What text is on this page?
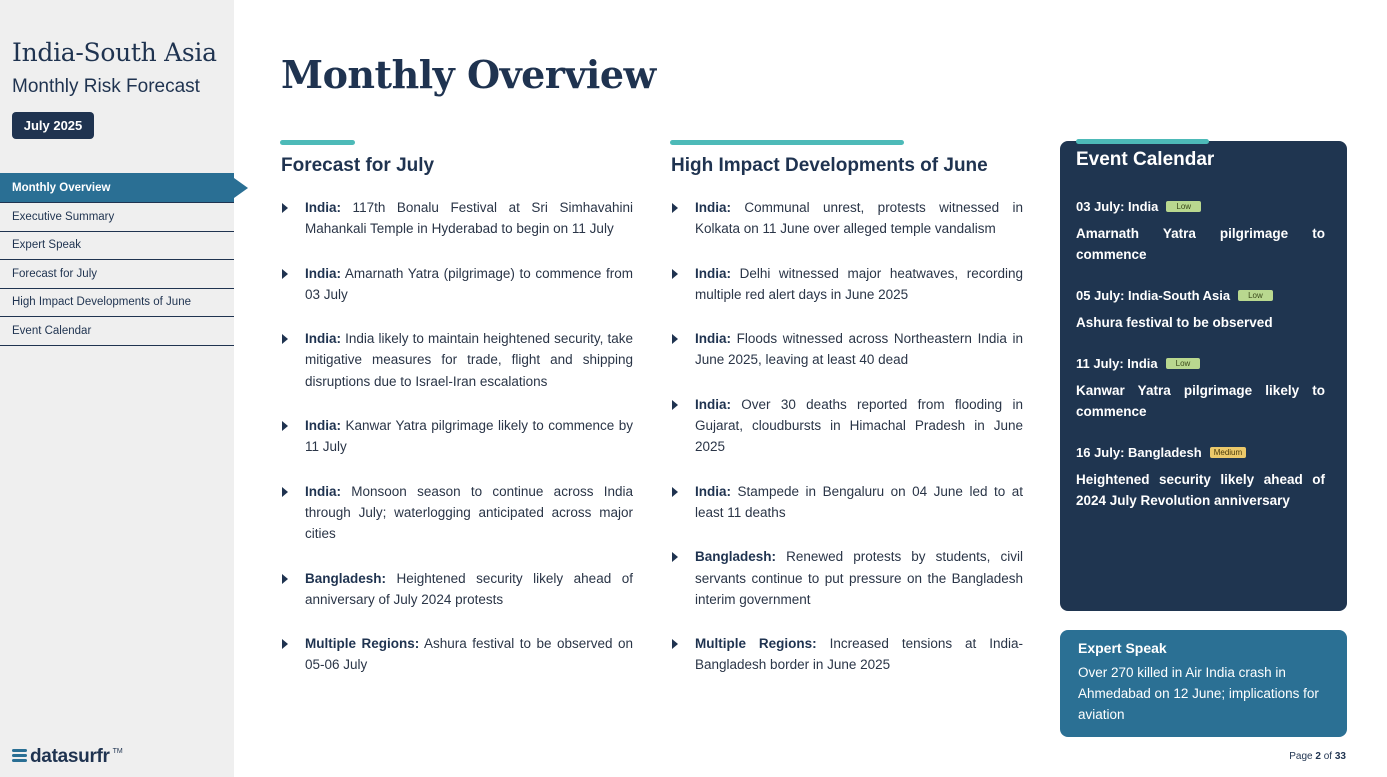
India-South Asia
Monthly Risk Forecast
July 2025
Monthly Overview
Executive Summary
Expert Speak
Forecast for July
High Impact Developments of June
Event Calendar
datasurfr TM
Monthly Overview
Forecast for July
India: 117th Bonalu Festival at Sri Simhavahini Mahankali Temple in Hyderabad to begin on 11 July
India: Amarnath Yatra (pilgrimage) to commence from 03 July
India: India likely to maintain heightened security, take mitigative measures for trade, flight and shipping disruptions due to Israel-Iran escalations
India: Kanwar Yatra pilgrimage likely to commence by 11 July
India: Monsoon season to continue across India through July; waterlogging anticipated across major cities
Bangladesh: Heightened security likely ahead of anniversary of July 2024 protests
Multiple Regions: Ashura festival to be observed on 05-06 July
High Impact Developments of June
India: Communal unrest, protests witnessed in Kolkata on 11 June over alleged temple vandalism
India: Delhi witnessed major heatwaves, recording multiple red alert days in June 2025
India: Floods witnessed across Northeastern India in June 2025, leaving at least 40 dead
India: Over 30 deaths reported from flooding in Gujarat, cloudbursts in Himachal Pradesh in June 2025
India: Stampede in Bengaluru on 04 June led to at least 11 deaths
Bangladesh: Renewed protests by students, civil servants continue to put pressure on the Bangladesh interim government
Multiple Regions: Increased tensions at India-Bangladesh border in June 2025
Event Calendar
03 July: India	Low
Amarnath Yatra pilgrimage to commence
05 July: India-South Asia	Low
Ashura festival to be observed
11 July: India	Low
Kanwar Yatra pilgrimage likely to commence
16 July: Bangladesh	Medium
Heightened security likely ahead of 2024 July Revolution anniversary
Expert Speak
Over 270 killed in Air India crash in Ahmedabad on 12 June; implications for aviation
Page 2 of 33
